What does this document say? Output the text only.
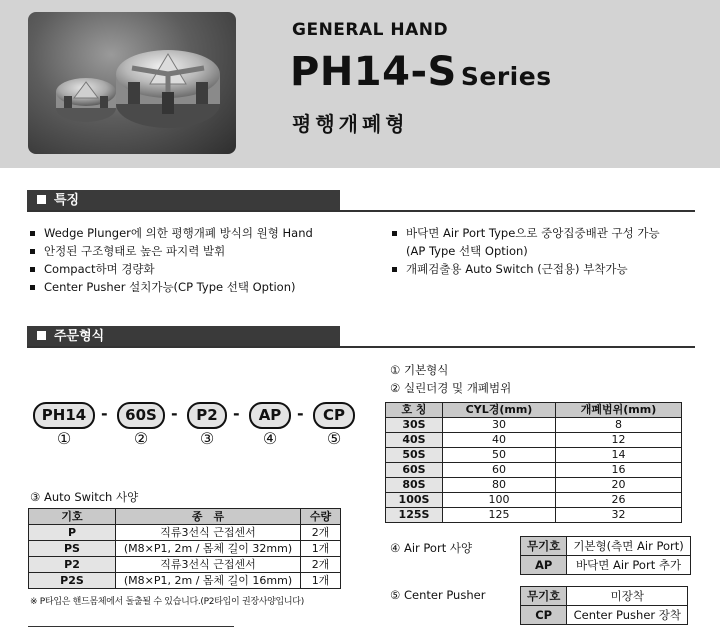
GENERAL HAND
PH14-S Series
평행개폐형
특징
Wedge Plunger에 의한 평행개폐 방식의 원형 Hand
안정된 구조형태로 높은 파지력 발휘
Compact하며 경량화
Center Pusher 설치가능(CP Type 선택 Option)
바닥면 Air Port Type으로 중앙집중배관 구성 가능
(AP Type 선택 Option)
개폐검출용 Auto Switch (근접용) 부착가능
주문형식
PH14 -	60S -	P2 -	AP -	CP
①	②	③	④	⑤
① 기본형식
② 실린더경 및 개폐범위
호 칭	CYL경(mm)	개폐범위(mm)
30S	30	8
40S	40	12
50S	50	14
60S	60	16
80S	80	20
100S	100	26
125S	125	32
③ Auto Switch 사양
기호	종　류	수량
P	직류3선식 근접센서	2개
PS	(M8×P1, 2m / 몸체 길이 32mm)	1개
P2	직류3선식 근접센서	2개
P2S	(M8×P1, 2m / 몸체 길이 16mm)	1개
※ P타입은 핸드몸체에서 돌출될 수 있습니다.(P2타입이 권장사양입니다)
④ Air Port 사양	무기호	기본형(측면 Air Port)
AP	바닥면 Air Port 추가
⑤ Center Pusher	무기호	미장착
CP	Center Pusher 장착
